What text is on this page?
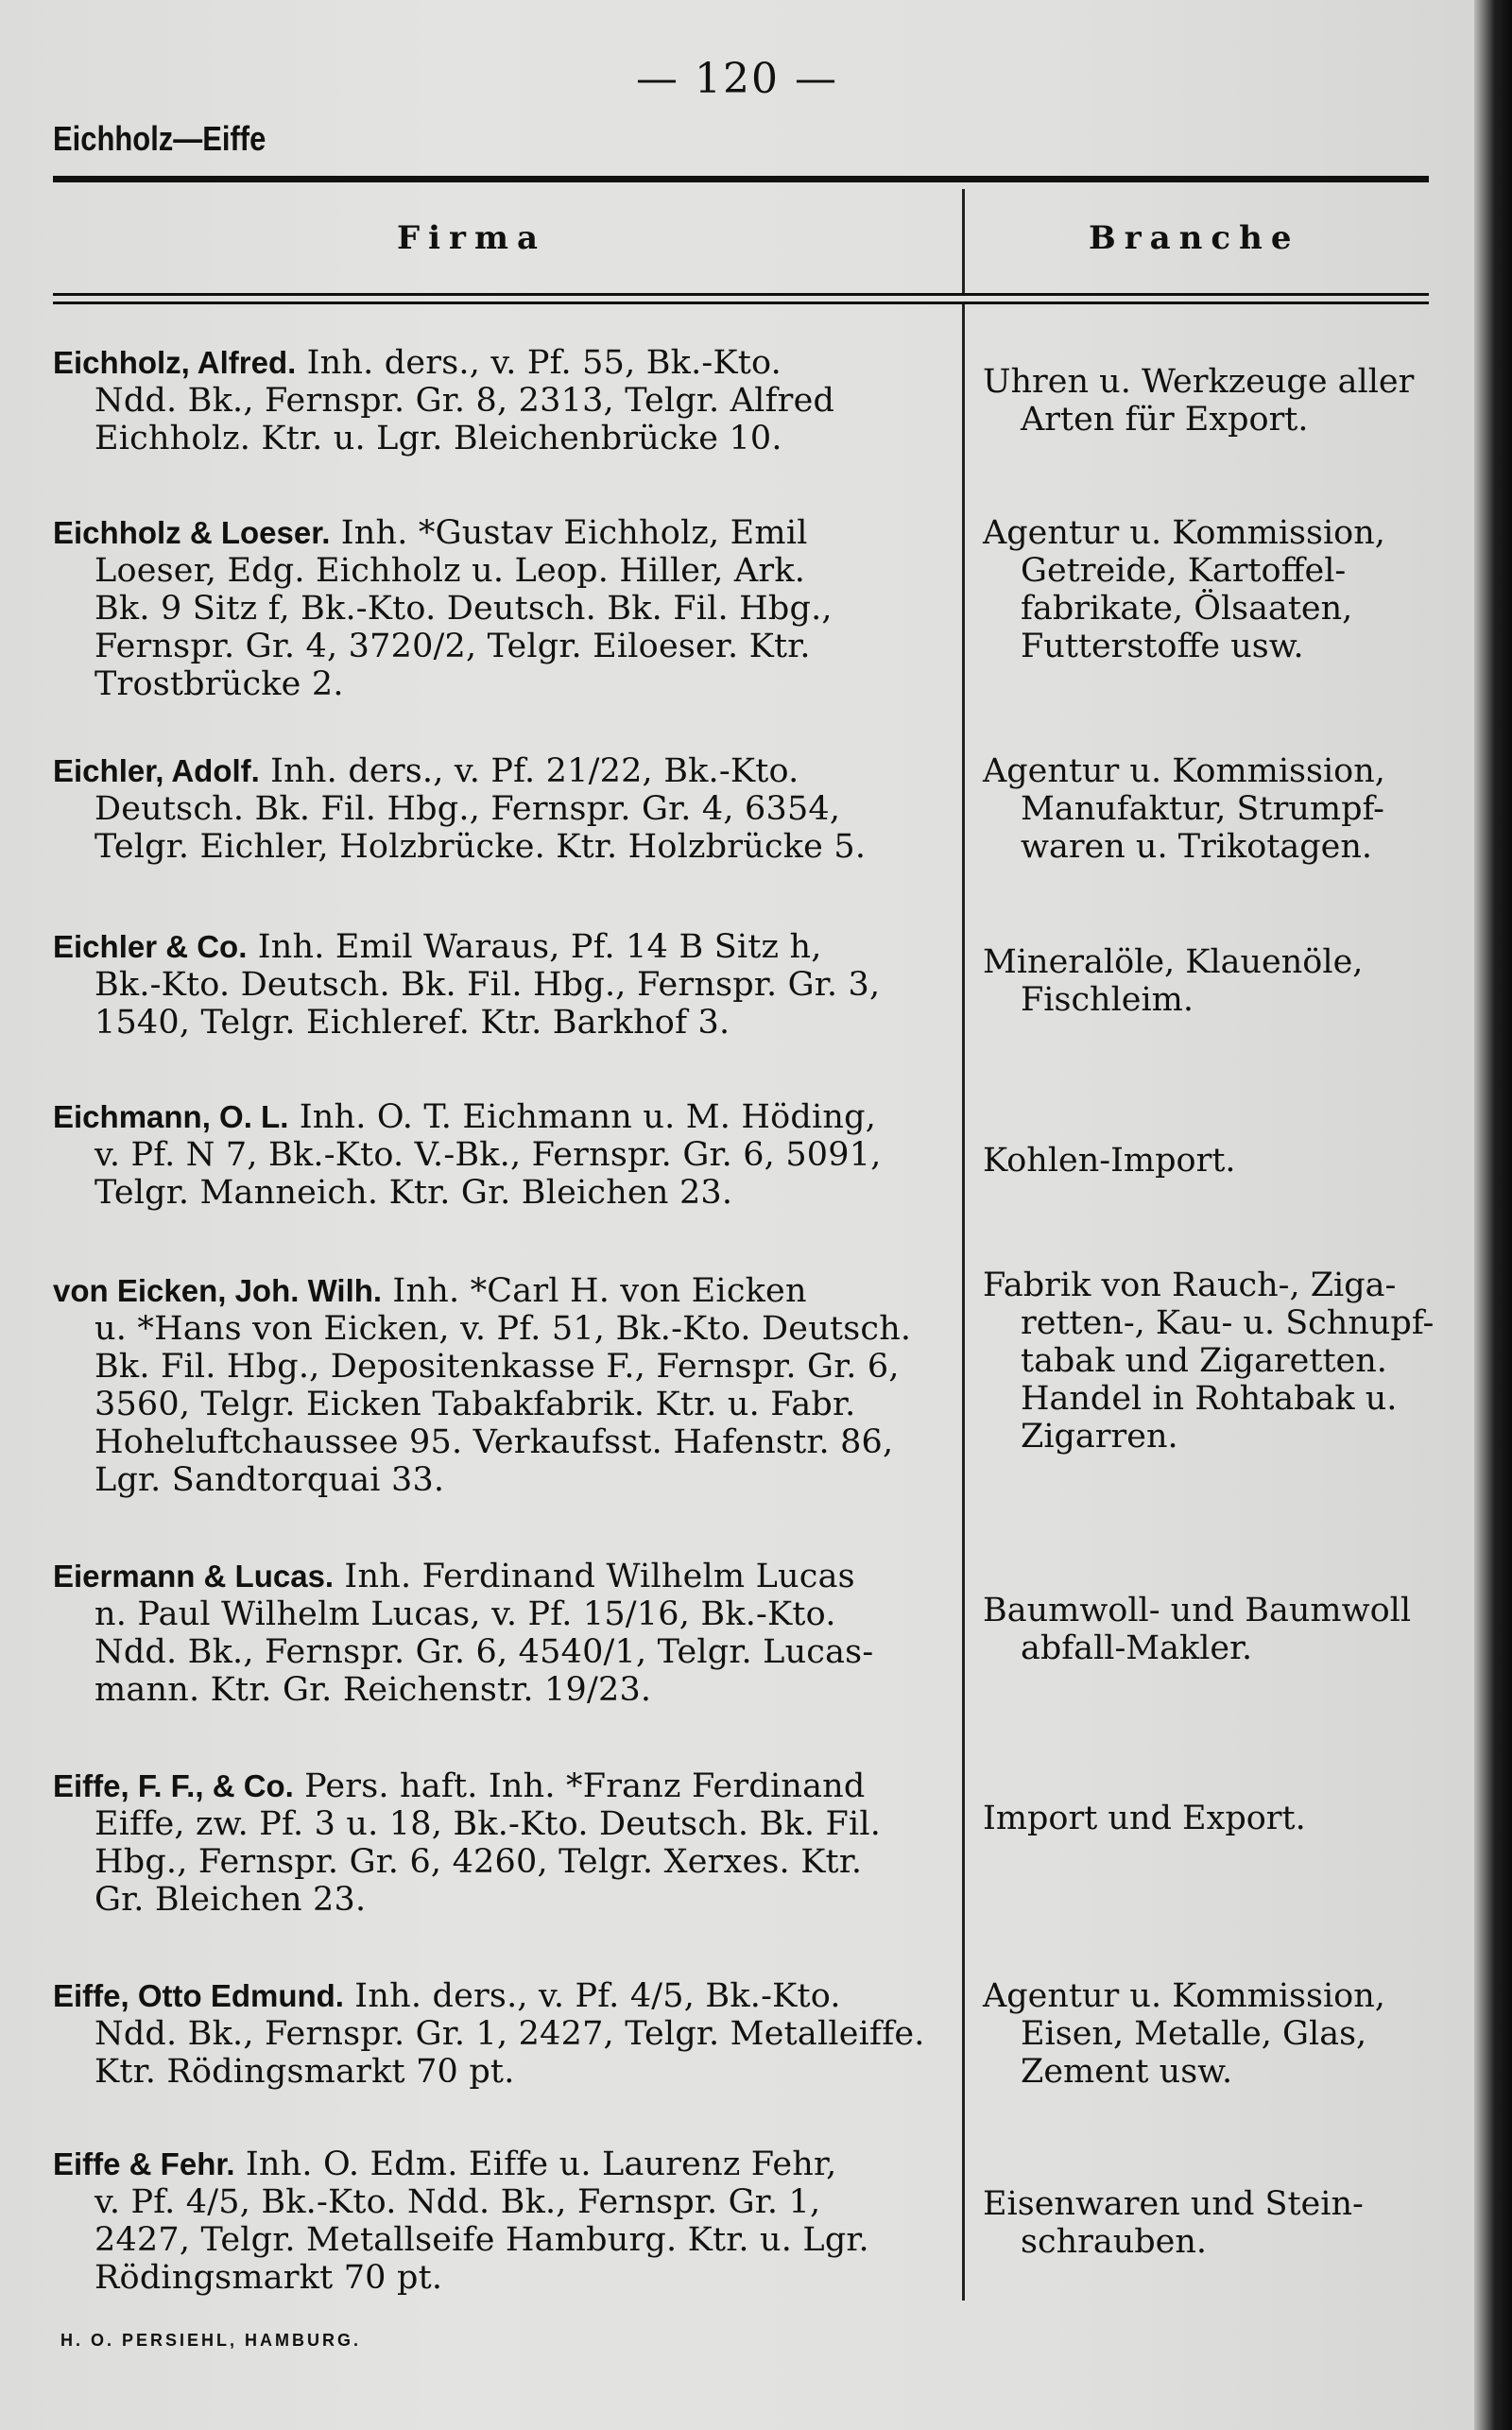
— 120 —
Eichholz—Eiffe
Firma	Branche
Eichholz, Alfred. Inh. ders., v. Pf. 55, Bk.-Kto.
Ndd. Bk., Fernspr. Gr. 8, 2313, Telgr. Alfred
Eichholz. Ktr. u. Lgr. Bleichenbrücke 10.
Uhren u. Werkzeuge aller
Arten für Export.
Eichholz & Loeser. Inh. *Gustav Eichholz, Emil
Loeser, Edg. Eichholz u. Leop. Hiller, Ark.
Bk. 9 Sitz f, Bk.-Kto. Deutsch. Bk. Fil. Hbg.,
Fernspr. Gr. 4, 3720/2, Telgr. Eiloeser. Ktr.
Trostbrücke 2.
Agentur u. Kommission,
Getreide, Kartoffel-
fabrikate, Ölsaaten,
Futterstoffe usw.
Eichler, Adolf. Inh. ders., v. Pf. 21/22, Bk.-Kto.
Deutsch. Bk. Fil. Hbg., Fernspr. Gr. 4, 6354,
Telgr. Eichler, Holzbrücke. Ktr. Holzbrücke 5.
Agentur u. Kommission,
Manufaktur, Strumpf-
waren u. Trikotagen.
Eichler & Co. Inh. Emil Waraus, Pf. 14 B Sitz h,
Bk.-Kto. Deutsch. Bk. Fil. Hbg., Fernspr. Gr. 3,
1540, Telgr. Eichleref. Ktr. Barkhof 3.
Mineralöle, Klauenöle,
Fischleim.
Eichmann, O. L. Inh. O. T. Eichmann u. M. Höding,
v. Pf. N 7, Bk.-Kto. V.-Bk., Fernspr. Gr. 6, 5091,
Telgr. Manneich. Ktr. Gr. Bleichen 23.
Kohlen-Import.
von Eicken, Joh. Wilh. Inh. *Carl H. von Eicken
u. *Hans von Eicken, v. Pf. 51, Bk.-Kto. Deutsch.
Bk. Fil. Hbg., Depositenkasse F., Fernspr. Gr. 6,
3560, Telgr. Eicken Tabakfabrik. Ktr. u. Fabr.
Hoheluftchaussee 95. Verkaufsst. Hafenstr. 86,
Lgr. Sandtorquai 33.
Fabrik von Rauch-, Ziga-
retten-, Kau- u. Schnupf-
tabak und Zigaretten.
Handel in Rohtabak u.
Zigarren.
Eiermann & Lucas. Inh. Ferdinand Wilhelm Lucas
n. Paul Wilhelm Lucas, v. Pf. 15/16, Bk.-Kto.
Ndd. Bk., Fernspr. Gr. 6, 4540/1, Telgr. Lucas-
mann. Ktr. Gr. Reichenstr. 19/23.
Baumwoll- und Baumwoll
abfall-Makler.
Eiffe, F. F., & Co. Pers. haft. Inh. *Franz Ferdinand
Eiffe, zw. Pf. 3 u. 18, Bk.-Kto. Deutsch. Bk. Fil.
Hbg., Fernspr. Gr. 6, 4260, Telgr. Xerxes. Ktr.
Gr. Bleichen 23.
Import und Export.
Eiffe, Otto Edmund. Inh. ders., v. Pf. 4/5, Bk.-Kto.
Ndd. Bk., Fernspr. Gr. 1, 2427, Telgr. Metalleiffe.
Ktr. Rödingsmarkt 70 pt.
Agentur u. Kommission,
Eisen, Metalle, Glas,
Zement usw.
Eiffe & Fehr. Inh. O. Edm. Eiffe u. Laurenz Fehr,
v. Pf. 4/5, Bk.-Kto. Ndd. Bk., Fernspr. Gr. 1,
2427, Telgr. Metallseife Hamburg. Ktr. u. Lgr.
Rödingsmarkt 70 pt.
Eisenwaren und Stein-
schrauben.
H. O. PERSIEHL, HAMBURG.
